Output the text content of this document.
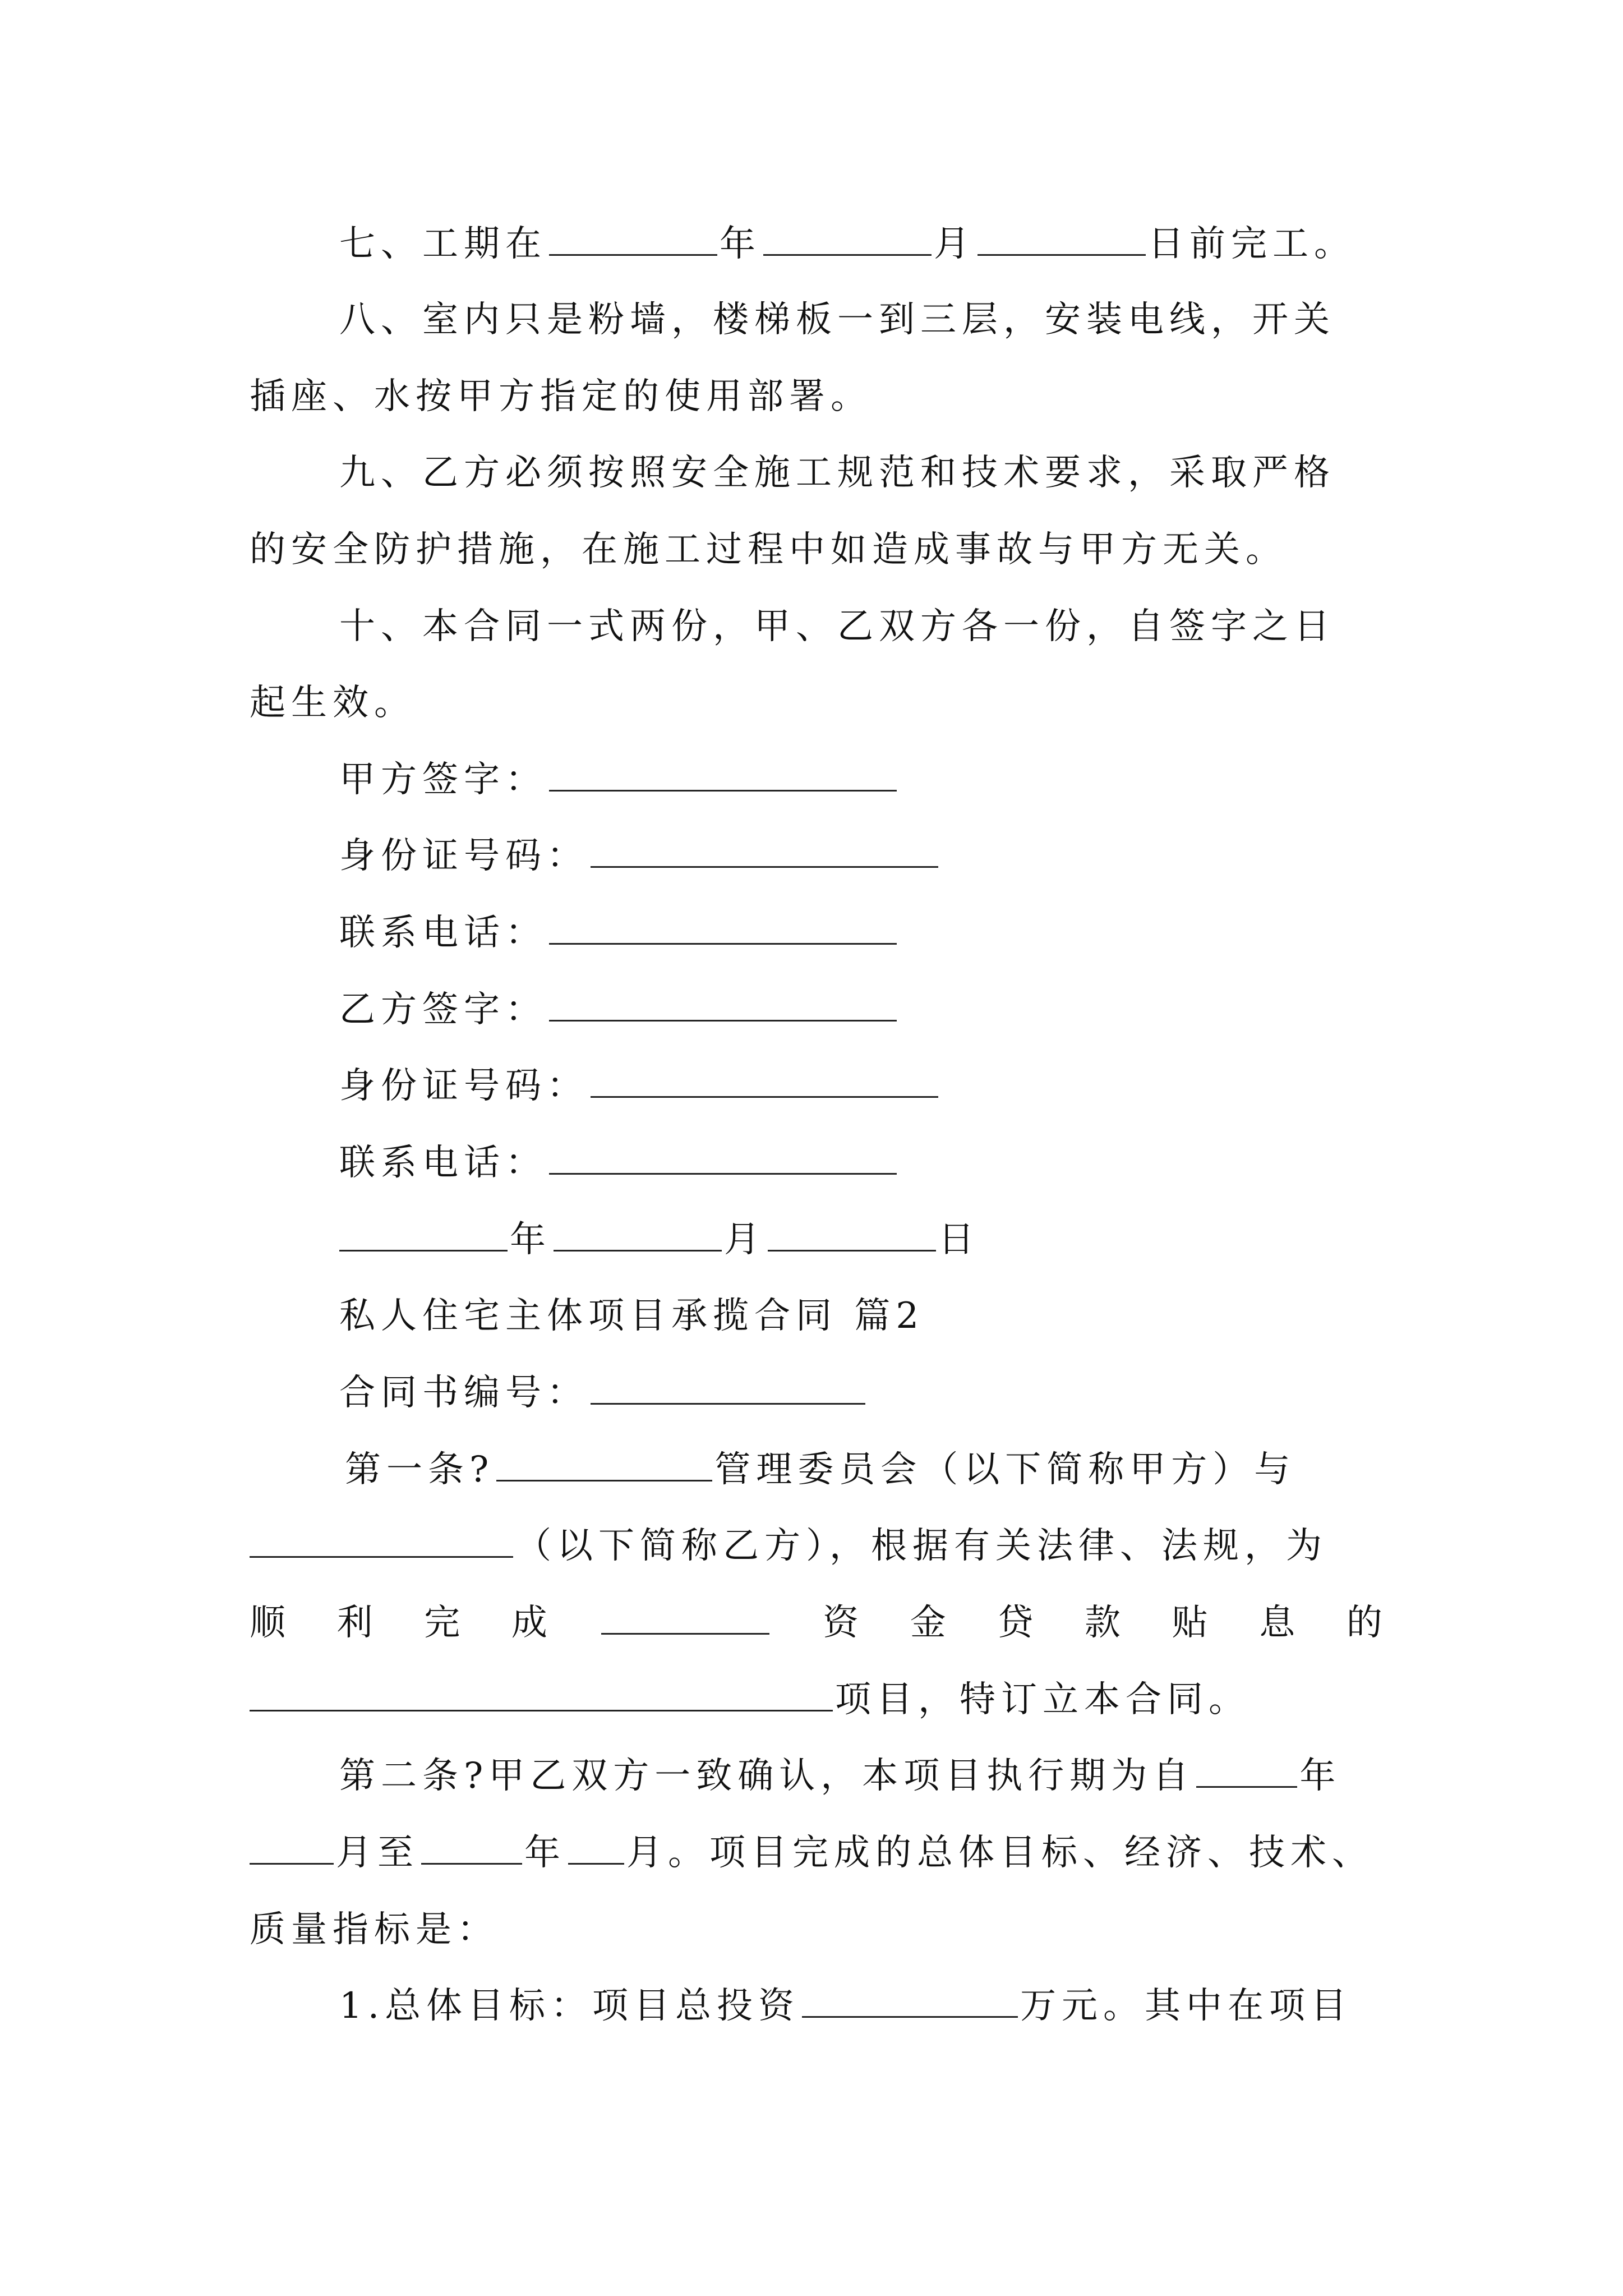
七、工期在	年	月	日前完工。
八、室内只是粉墙，楼梯板一到三层，安装电线，开关
插座、水按甲方指定的使用部署。
九、乙方必须按照安全施工规范和技术要求，采取严格
的安全防护措施，在施工过程中如造成事故与甲方无关。
十、本合同一式两份，甲、乙双方各一份，自签字之日
起生效。
甲方签字：
身份证号码：
联系电话：
乙方签字：
身份证号码：
联系电话：
年	月	日
私人住宅主体项目承揽合同 篇2
合同书编号：
第一条?	管理委员会（以下简称甲方）与
（以下简称乙方），根据有关法律、法规，为
顺 利 完 成	资 金 贷 款 贴 息 的
项目，特订立本合同。
第二条?甲乙双方一致确认，本项目执行期为自	年
月至	年 月。项目完成的总体目标、经济、技术、
质量指标是：
1.总体目标：项目总投资	万元。其中在项目
